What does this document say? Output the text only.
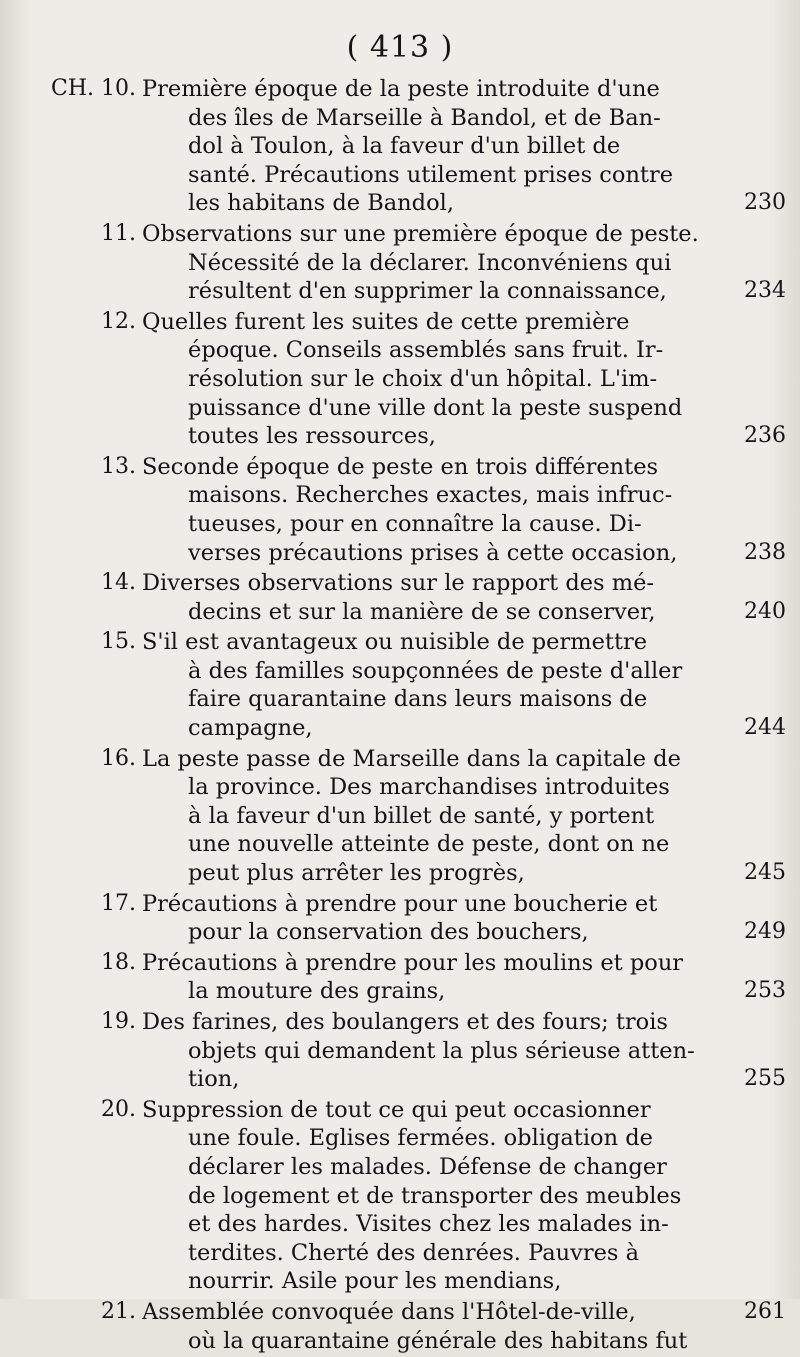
( 413 )
CH. 10. Première époque de la peste introduite d'une
des îles de Marseille à Bandol, et de Ban-
dol à Toulon, à la faveur d'un billet de
santé. Précautions utilement prises contre
les habitans de Bandol,	230
11. Observations sur une première époque de peste.
Nécessité de la déclarer. Inconvéniens qui
résultent d'en supprimer la connaissance,	234
12. Quelles furent les suites de cette première
époque. Conseils assemblés sans fruit. Ir-
résolution sur le choix d'un hôpital. L'im-
puissance d'une ville dont la peste suspend
toutes les ressources,	236
13. Seconde époque de peste en trois différentes
maisons. Recherches exactes, mais infruc-
tueuses, pour en connaître la cause. Di-
verses précautions prises à cette occasion,	238
14. Diverses observations sur le rapport des mé-
decins et sur la manière de se conserver,	240
15. S'il est avantageux ou nuisible de permettre
à des familles soupçonnées de peste d'aller
faire quarantaine dans leurs maisons de
campagne,	244
16. La peste passe de Marseille dans la capitale de
la province. Des marchandises introduites
à la faveur d'un billet de santé, y portent
une nouvelle atteinte de peste, dont on ne
peut plus arrêter les progrès,	245
17. Précautions à prendre pour une boucherie et
pour la conservation des bouchers,	249
18. Précautions à prendre pour les moulins et pour
la mouture des grains,	253
19. Des farines, des boulangers et des fours; trois
objets qui demandent la plus sérieuse atten-
tion,	255
20. Suppression de tout ce qui peut occasionner
une foule. Eglises fermées. obligation de
déclarer les malades. Défense de changer
de logement et de transporter des meubles
et des hardes. Visites chez les malades in-
terdites. Cherté des denrées. Pauvres à
nourrir. Asile pour les mendians,
21. Assemblée convoquée dans l'Hôtel-de-ville,	261
où la quarantaine générale des habitans fut
